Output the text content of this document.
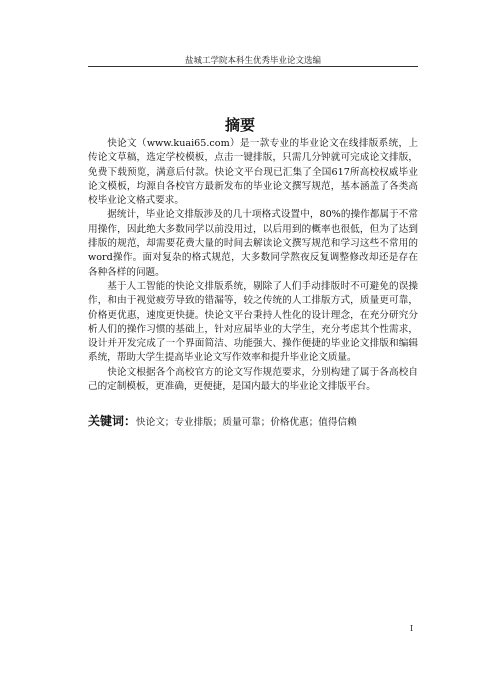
盐城工学院本科生优秀毕业论文选编
摘要

快论文（www.kuai65.com）是一款专业的毕业论文在线排版系统，上传论文草稿，选定学校模板，点击一键排版，只需几分钟就可完成论文排版，免费下载预览，满意后付款。快论文平台现已汇集了全国617所高校权威毕业论文模板，均源自各校官方最新发布的毕业论文撰写规范，基本涵盖了各类高校毕业论文格式要求。

据统计，毕业论文排版涉及的几十项格式设置中，80%的操作都属于不常用操作，因此绝大多数同学以前没用过，以后用到的概率也很低，但为了达到排版的规范，却需要花费大量的时间去解读论文撰写规范和学习这些不常用的word操作。面对复杂的格式规范，大多数同学熬夜反复调整修改却还是存在各种各样的问题。

基于人工智能的快论文排版系统，剔除了人们手动排版时不可避免的误操作，和由于视觉疲劳导致的错漏等，较之传统的人工排版方式，质量更可靠，价格更优惠，速度更快捷。快论文平台秉持人性化的设计理念，在充分研究分析人们的操作习惯的基础上，针对应届毕业的大学生，充分考虑其个性需求，设计并开发完成了一个界面简洁、功能强大、操作便捷的毕业论文排版和编辑系统，帮助大学生提高毕业论文写作效率和提升毕业论文质量。

快论文根据各个高校官方的论文写作规范要求，分别构建了属于各高校自己的定制模板，更准确，更便捷，是国内最大的毕业论文排版平台。

关键词：快论文；专业排版；质量可靠；价格优惠；值得信赖
I
